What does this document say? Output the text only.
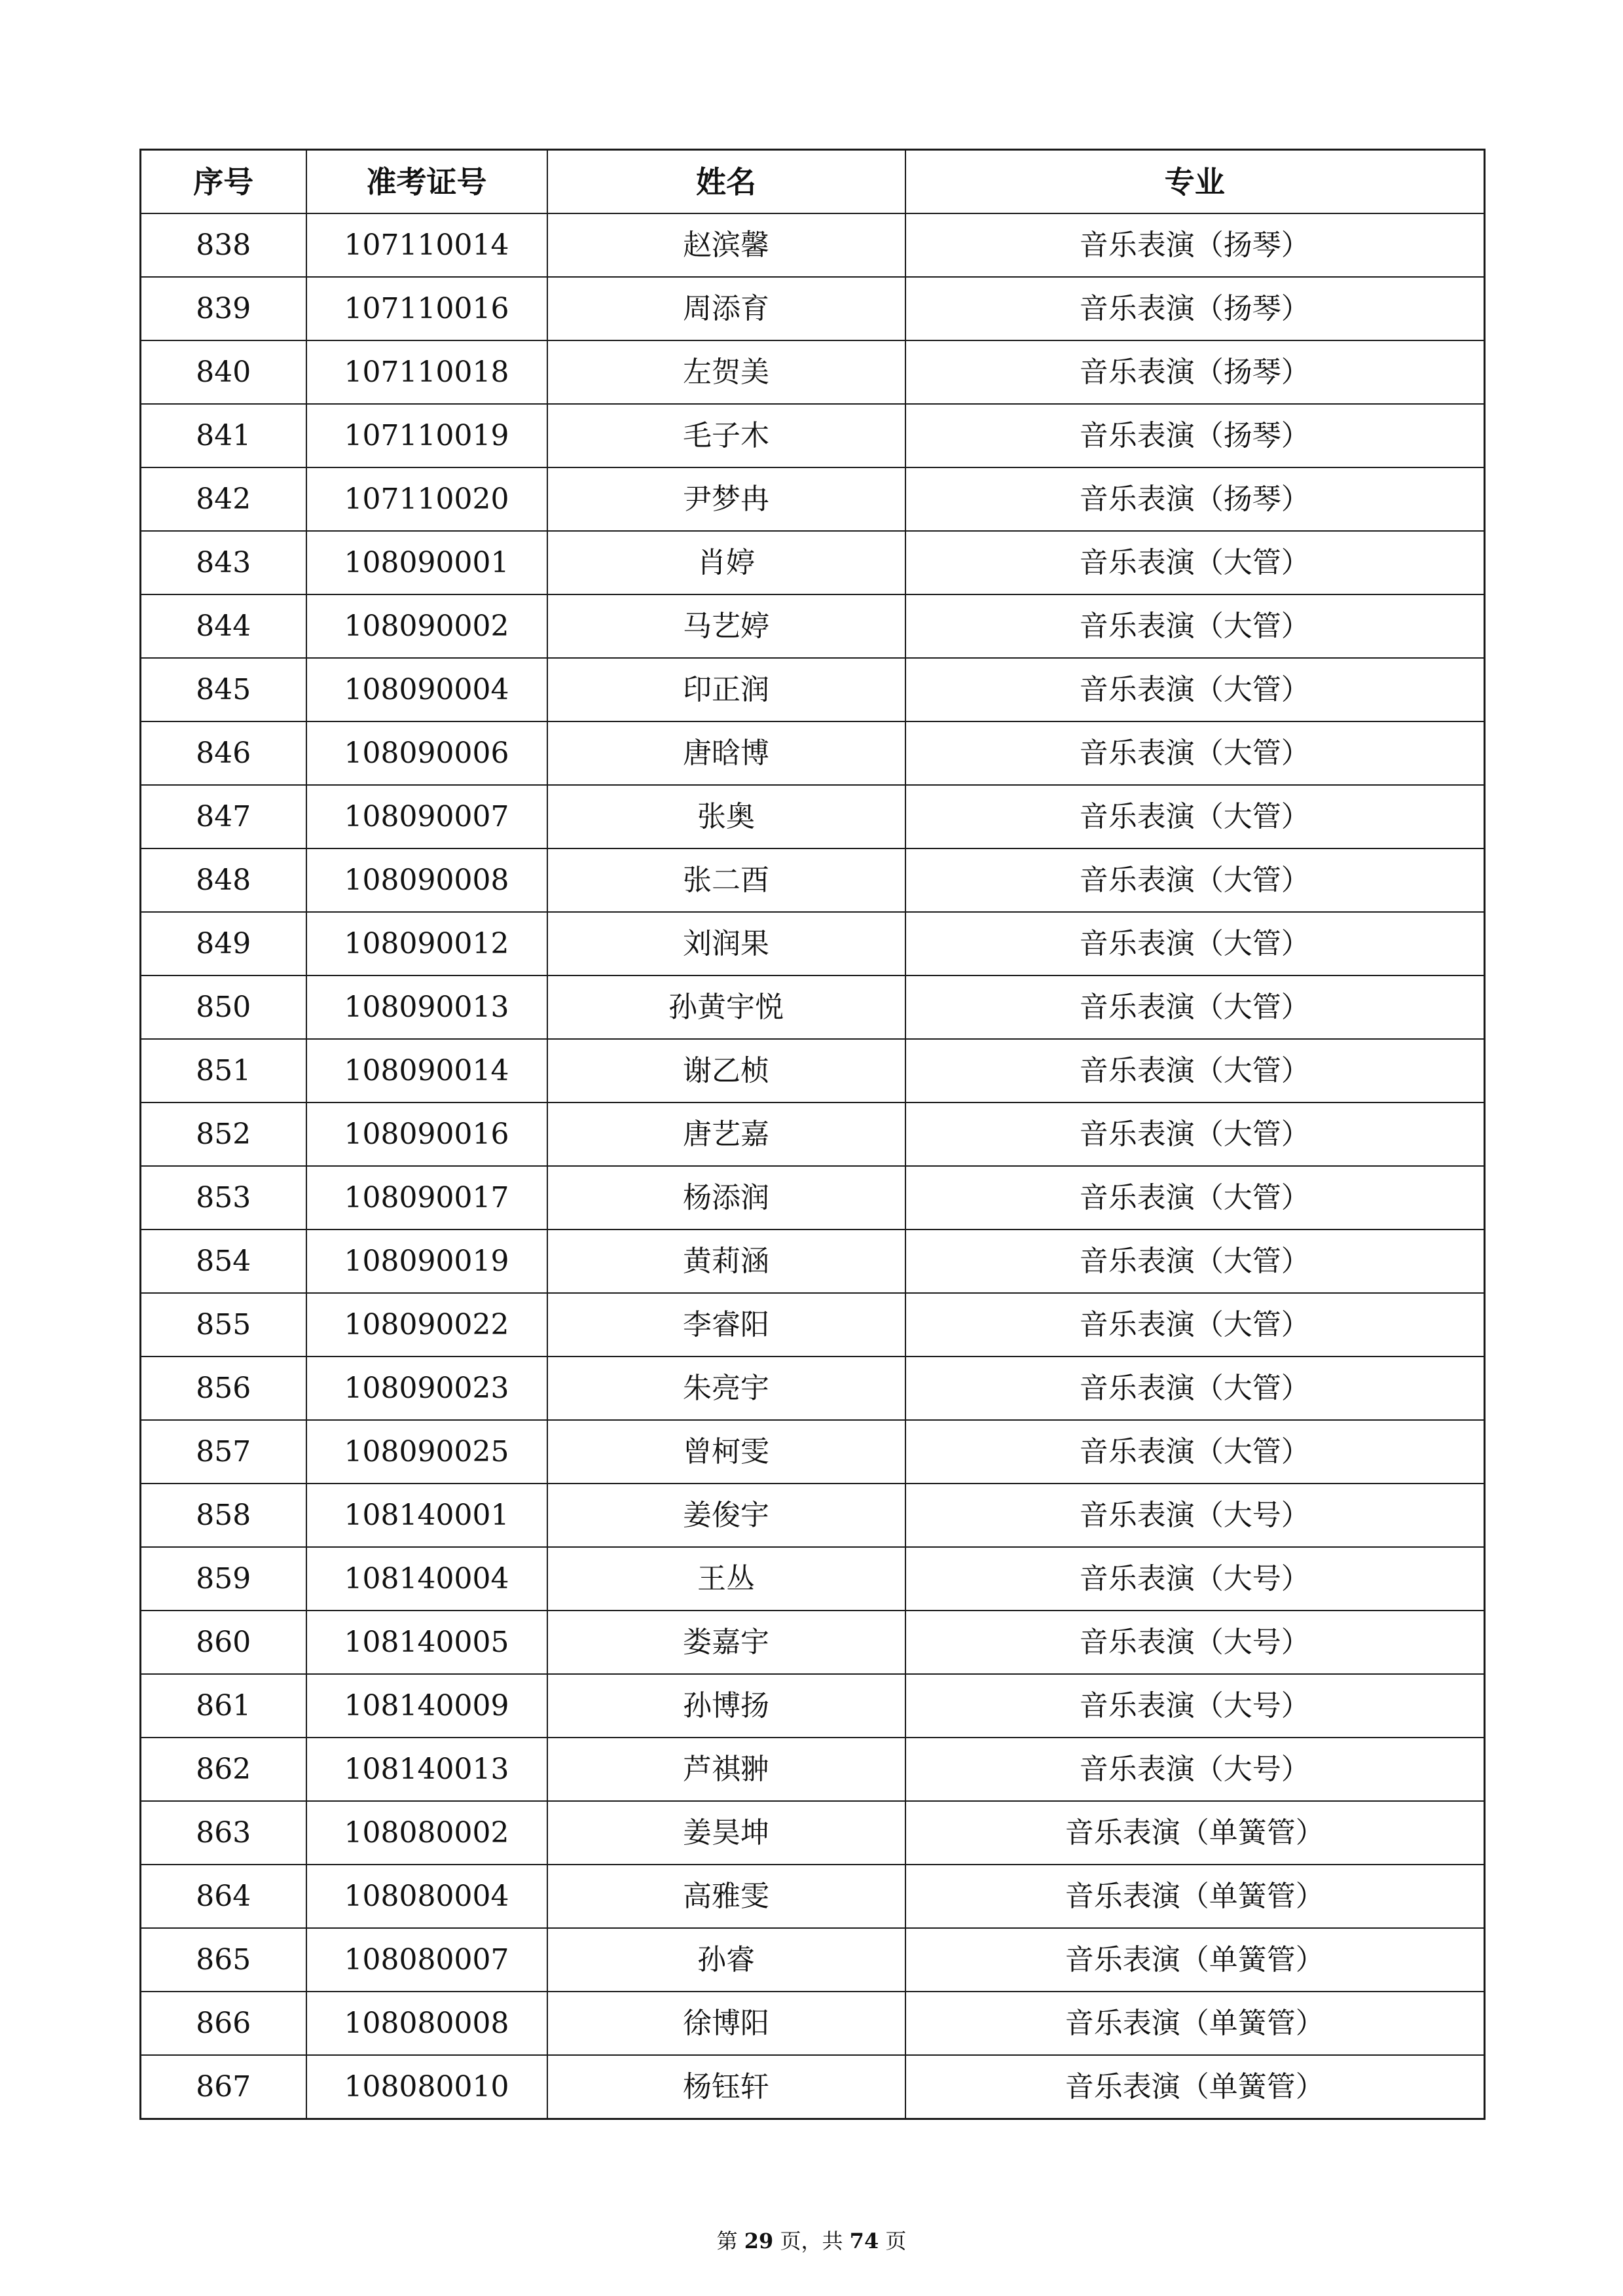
序号	准考证号	姓名	专业
838	107110014	赵滨馨	音乐表演（扬琴）
839	107110016	周添育	音乐表演（扬琴）
840	107110018	左贺美	音乐表演（扬琴）
841	107110019	毛子木	音乐表演（扬琴）
842	107110020	尹梦冉	音乐表演（扬琴）
843	108090001	肖婷	音乐表演（大管）
844	108090002	马艺婷	音乐表演（大管）
845	108090004	印正润	音乐表演（大管）
846	108090006	唐晗博	音乐表演（大管）
847	108090007	张奥	音乐表演（大管）
848	108090008	张二酉	音乐表演（大管）
849	108090012	刘润果	音乐表演（大管）
850	108090013	孙黄宇悦	音乐表演（大管）
851	108090014	谢乙桢	音乐表演（大管）
852	108090016	唐艺嘉	音乐表演（大管）
853	108090017	杨添润	音乐表演（大管）
854	108090019	黄莉涵	音乐表演（大管）
855	108090022	李睿阳	音乐表演（大管）
856	108090023	朱亮宇	音乐表演（大管）
857	108090025	曾柯雯	音乐表演（大管）
858	108140001	姜俊宇	音乐表演（大号）
859	108140004	王丛	音乐表演（大号）
860	108140005	娄嘉宇	音乐表演（大号）
861	108140009	孙博扬	音乐表演（大号）
862	108140013	芦祺翀	音乐表演（大号）
863	108080002	姜昊坤	音乐表演（单簧管）
864	108080004	高雅雯	音乐表演（单簧管）
865	108080007	孙睿	音乐表演（单簧管）
866	108080008	徐博阳	音乐表演（单簧管）
867	108080010	杨钰轩	音乐表演（单簧管）
第 29 页，共 74 页
